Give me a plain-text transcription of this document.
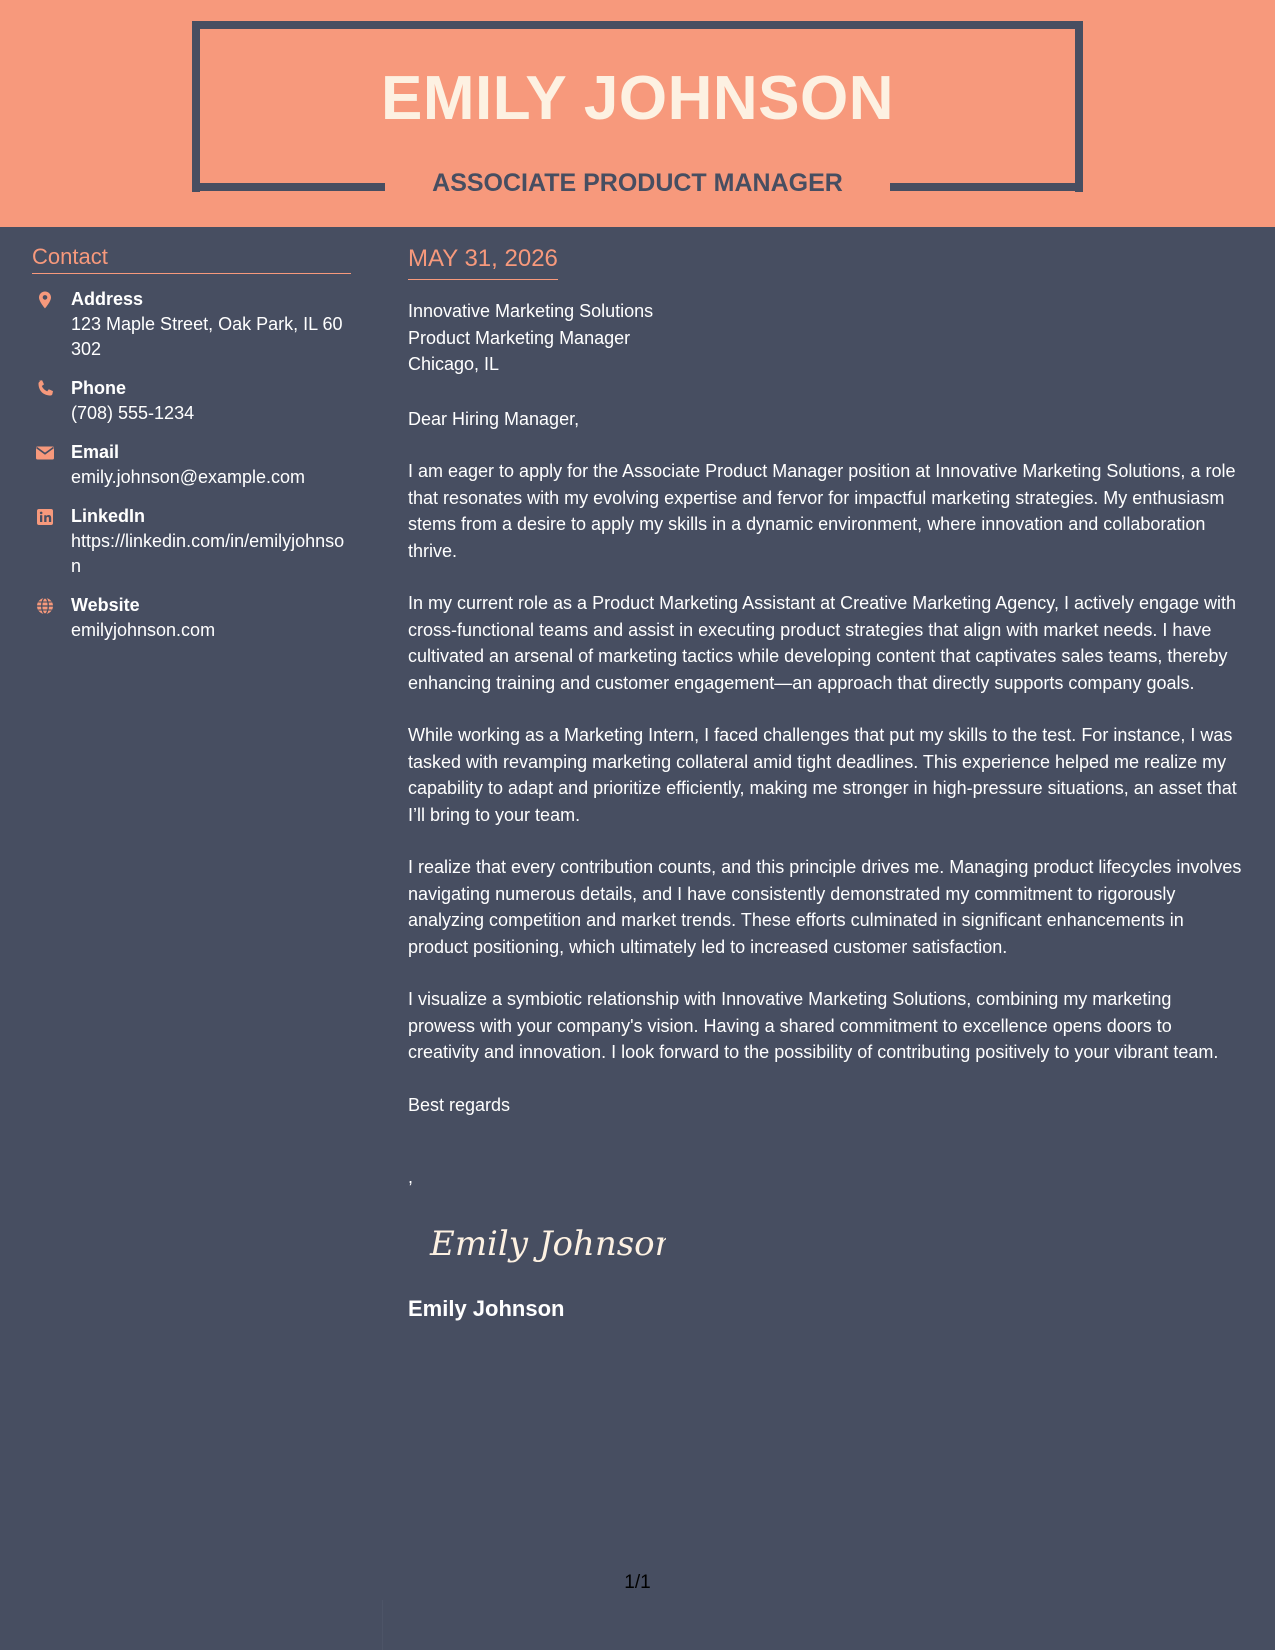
EMILY JOHNSON
ASSOCIATE PRODUCT MANAGER
Contact
Address
123 Maple Street, Oak Park, IL 60302
Phone
(708) 555-1234
Email
emily.johnson@example.com
LinkedIn
https://linkedin.com/in/emilyjohnson
Website
emilyjohnson.com
MAY 31, 2026
Innovative Marketing Solutions
Product Marketing Manager
Chicago, IL
Dear Hiring Manager,

I am eager to apply for the Associate Product Manager position at Innovative Marketing Solutions, a role that resonates with my evolving expertise and fervor for impactful marketing strategies. My enthusiasm stems from a desire to apply my skills in a dynamic environment, where innovation and collaboration thrive.

In my current role as a Product Marketing Assistant at Creative Marketing Agency, I actively engage with cross-functional teams and assist in executing product strategies that align with market needs. I have cultivated an arsenal of marketing tactics while developing content that captivates sales teams, thereby enhancing training and customer engagement—an approach that directly supports company goals.

While working as a Marketing Intern, I faced challenges that put my skills to the test. For instance, I was tasked with revamping marketing collateral amid tight deadlines. This experience helped me realize my capability to adapt and prioritize efficiently, making me stronger in high-pressure situations, an asset that I’ll bring to your team.

I realize that every contribution counts, and this principle drives me. Managing product lifecycles involves navigating numerous details, and I have consistently demonstrated my commitment to rigorously analyzing competition and market trends. These efforts culminated in significant enhancements in product positioning, which ultimately led to increased customer satisfaction.

I visualize a symbiotic relationship with Innovative Marketing Solutions, combining my marketing prowess with your company's vision. Having a shared commitment to excellence opens doors to creativity and innovation. I look forward to the possibility of contributing positively to your vibrant team.

Best regards
,
Emily Johnson
Emily Johnson
1/1
